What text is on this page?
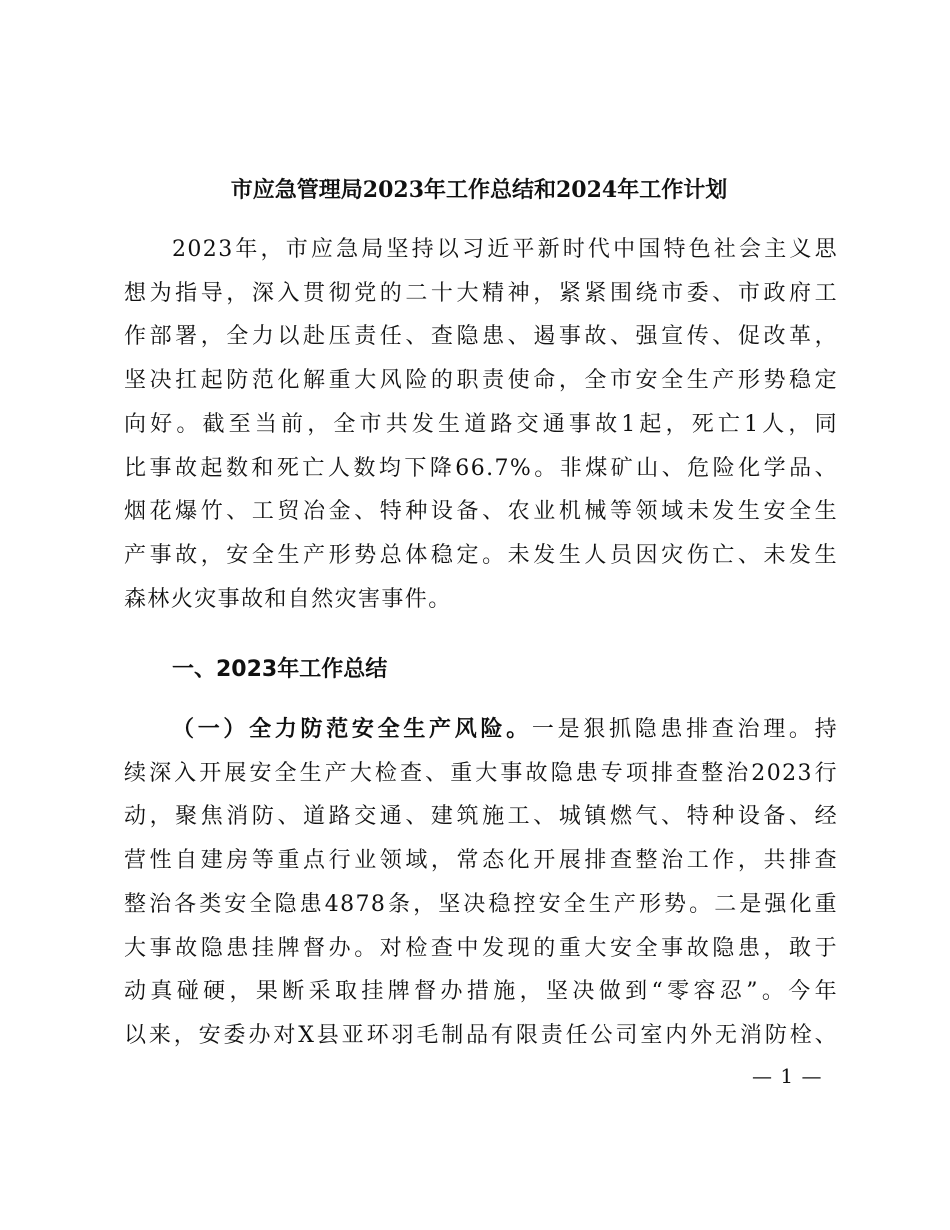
市应急管理局2023年工作总结和2024年工作计划
2023年，市应急局坚持以习近平新时代中国特色社会主义思
想为指导，深入贯彻党的二十大精神，紧紧围绕市委、市政府工
作部署，全力以赴压责任、查隐患、遏事故、强宣传、促改革，
坚决扛起防范化解重大风险的职责使命，全市安全生产形势稳定
向好。截至当前，全市共发生道路交通事故1起，死亡1人，同
比事故起数和死亡人数均下降66.7%。非煤矿山、危险化学品、
烟花爆竹、工贸冶金、特种设备、农业机械等领域未发生安全生
产事故，安全生产形势总体稳定。未发生人员因灾伤亡、未发生
森林火灾事故和自然灾害事件。
一、2023年工作总结
（一）全力防范安全生产风险。一是狠抓隐患排查治理。持
续深入开展安全生产大检查、重大事故隐患专项排查整治2023行
动，聚焦消防、道路交通、建筑施工、城镇燃气、特种设备、经
营性自建房等重点行业领域，常态化开展排查整治工作，共排查
整治各类安全隐患4878条，坚决稳控安全生产形势。二是强化重
大事故隐患挂牌督办。对检查中发现的重大安全事故隐患，敢于
动真碰硬，果断采取挂牌督办措施，坚决做到“零容忍”。今年
以来，安委办对X县亚环羽毛制品有限责任公司室内外无消防栓、
— 1 —
